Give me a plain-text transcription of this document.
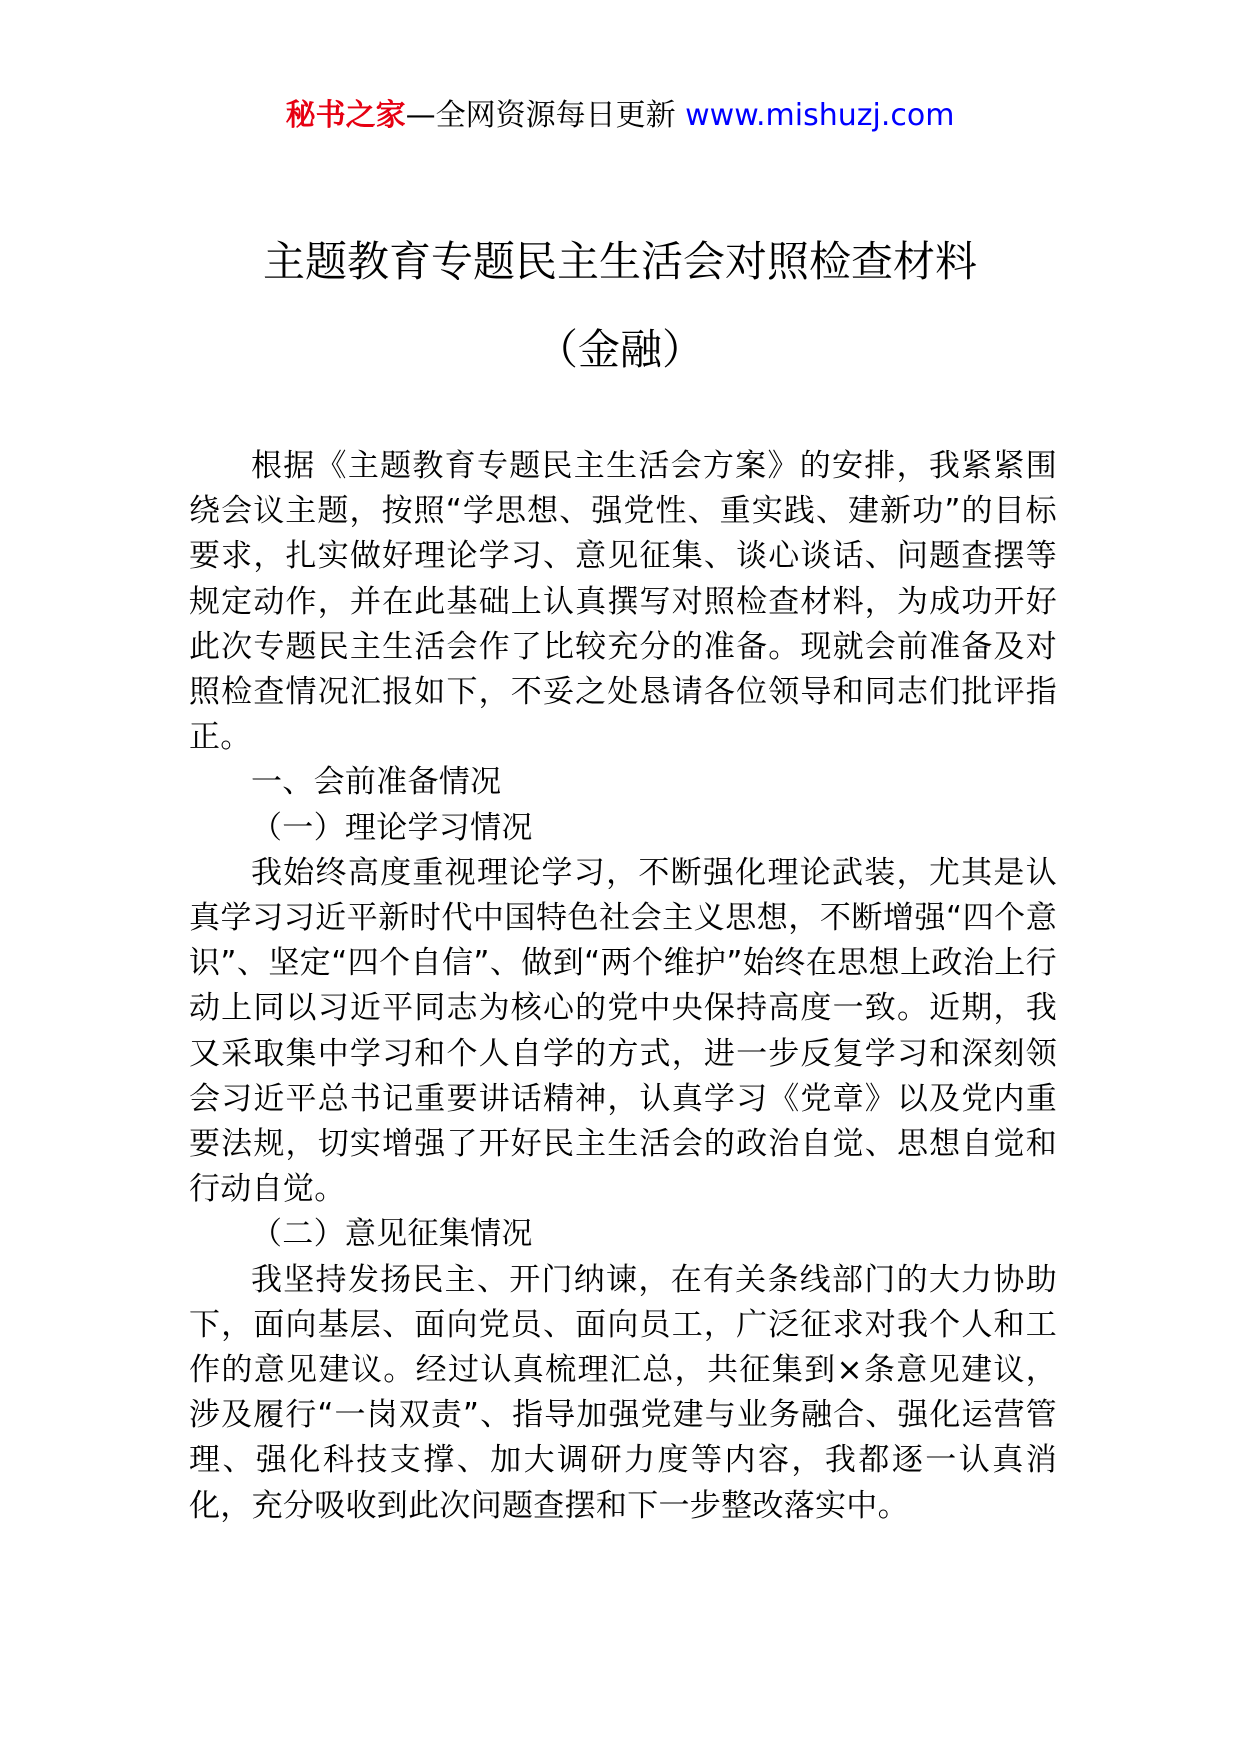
秘书之家—全网资源每日更新 www.mishuzj.com
主题教育专题民主生活会对照检查材料
（金融）

根据《主题教育专题民主生活会方案》的安排，我紧紧围绕会议主题，按照“学思想、强党性、重实践、建新功”的目标要求，扎实做好理论学习、意见征集、谈心谈话、问题查摆等规定动作，并在此基础上认真撰写对照检查材料，为成功开好此次专题民主生活会作了比较充分的准备。现就会前准备及对照检查情况汇报如下，不妥之处恳请各位领导和同志们批评指正。

一、会前准备情况

（一）理论学习情况

我始终高度重视理论学习，不断强化理论武装，尤其是认真学习习近平新时代中国特色社会主义思想，不断增强“四个意识”、坚定“四个自信”、做到“两个维护”始终在思想上政治上行动上同以习近平同志为核心的党中央保持高度一致。近期，我又采取集中学习和个人自学的方式，进一步反复学习和深刻领会习近平总书记重要讲话精神，认真学习《党章》以及党内重要法规，切实增强了开好民主生活会的政治自觉、思想自觉和行动自觉。

（二）意见征集情况

我坚持发扬民主、开门纳谏，在有关条线部门的大力协助下，面向基层、面向党员、面向员工，广泛征求对我个人和工作的意见建议。经过认真梳理汇总，共征集到×条意见建议，涉及履行“一岗双责”、指导加强党建与业务融合、强化运营管理、强化科技支撑、加大调研力度等内容，我都逐一认真消化，充分吸收到此次问题查摆和下一步整改落实中。
